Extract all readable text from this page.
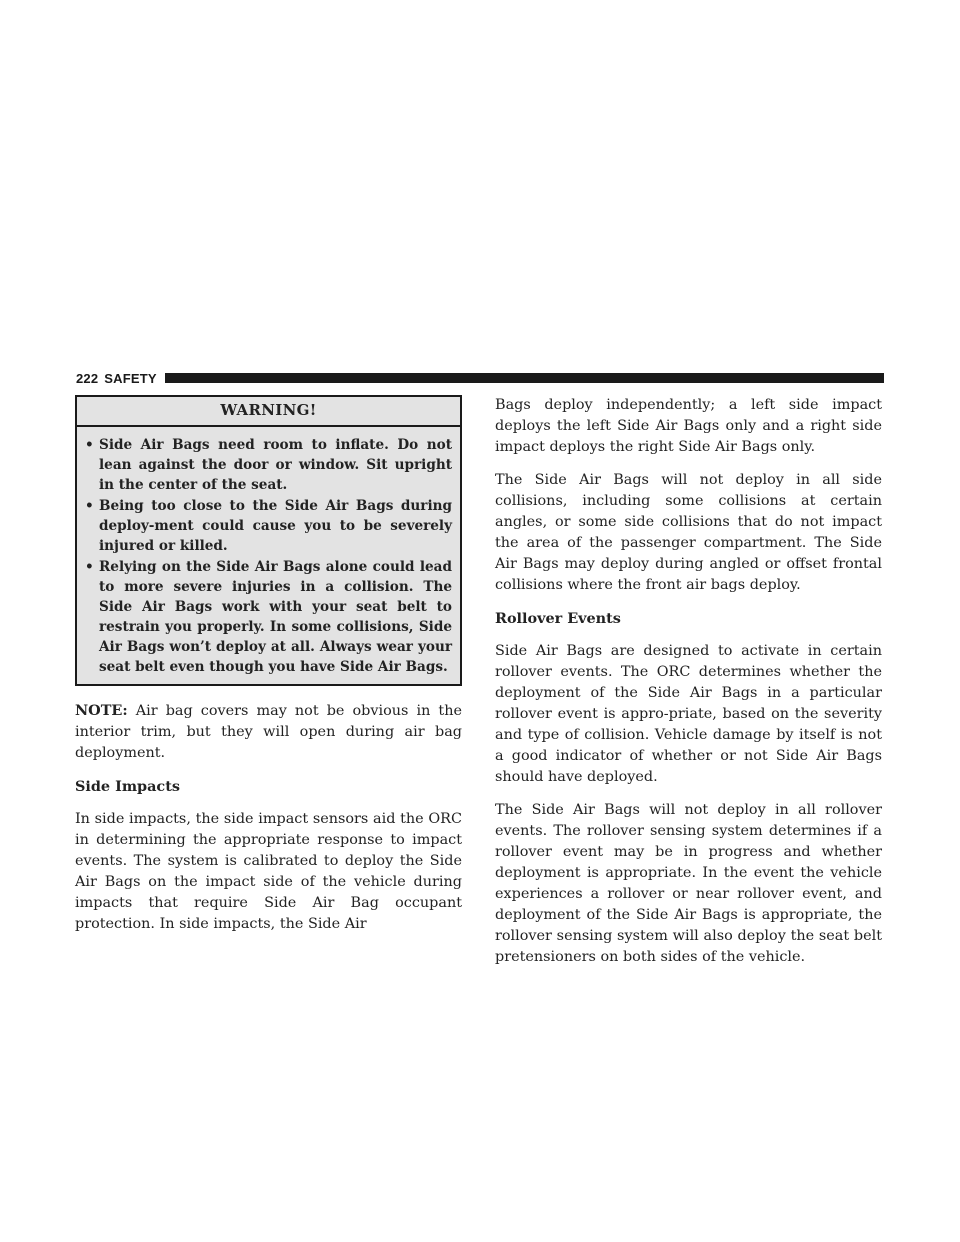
222 SAFETY
WARNING!
• Side Air Bags need room to inflate. Do not lean against the door or window. Sit upright in the center of the seat.
• Being too close to the Side Air Bags during deploy-ment could cause you to be severely injured or killed.
• Relying on the Side Air Bags alone could lead to more severe injuries in a collision. The Side Air Bags work with your seat belt to restrain you properly. In some collisions, Side Air Bags won’t deploy at all. Always wear your seat belt even though you have Side Air Bags.

NOTE: Air bag covers may not be obvious in the interior trim, but they will open during air bag deployment.

Side Impacts

In side impacts, the side impact sensors aid the ORC in determining the appropriate response to impact events. The system is calibrated to deploy the Side Air Bags on the impact side of the vehicle during impacts that require Side Air Bag occupant protection. In side impacts, the Side Air

Bags deploy independently; a left side impact deploys the left Side Air Bags only and a right side impact deploys the right Side Air Bags only.

The Side Air Bags will not deploy in all side collisions, including some collisions at certain angles, or some side collisions that do not impact the area of the passenger compartment. The Side Air Bags may deploy during angled or offset frontal collisions where the front air bags deploy.

Rollover Events

Side Air Bags are designed to activate in certain rollover events. The ORC determines whether the deployment of the Side Air Bags in a particular rollover event is appro-priate, based on the severity and type of collision. Vehicle damage by itself is not a good indicator of whether or not Side Air Bags should have deployed.

The Side Air Bags will not deploy in all rollover events. The rollover sensing system determines if a rollover event may be in progress and whether deployment is appropriate. In the event the vehicle experiences a rollover or near rollover event, and deployment of the Side Air Bags is appropriate, the rollover sensing system will also deploy the seat belt pretensioners on both sides of the vehicle.
